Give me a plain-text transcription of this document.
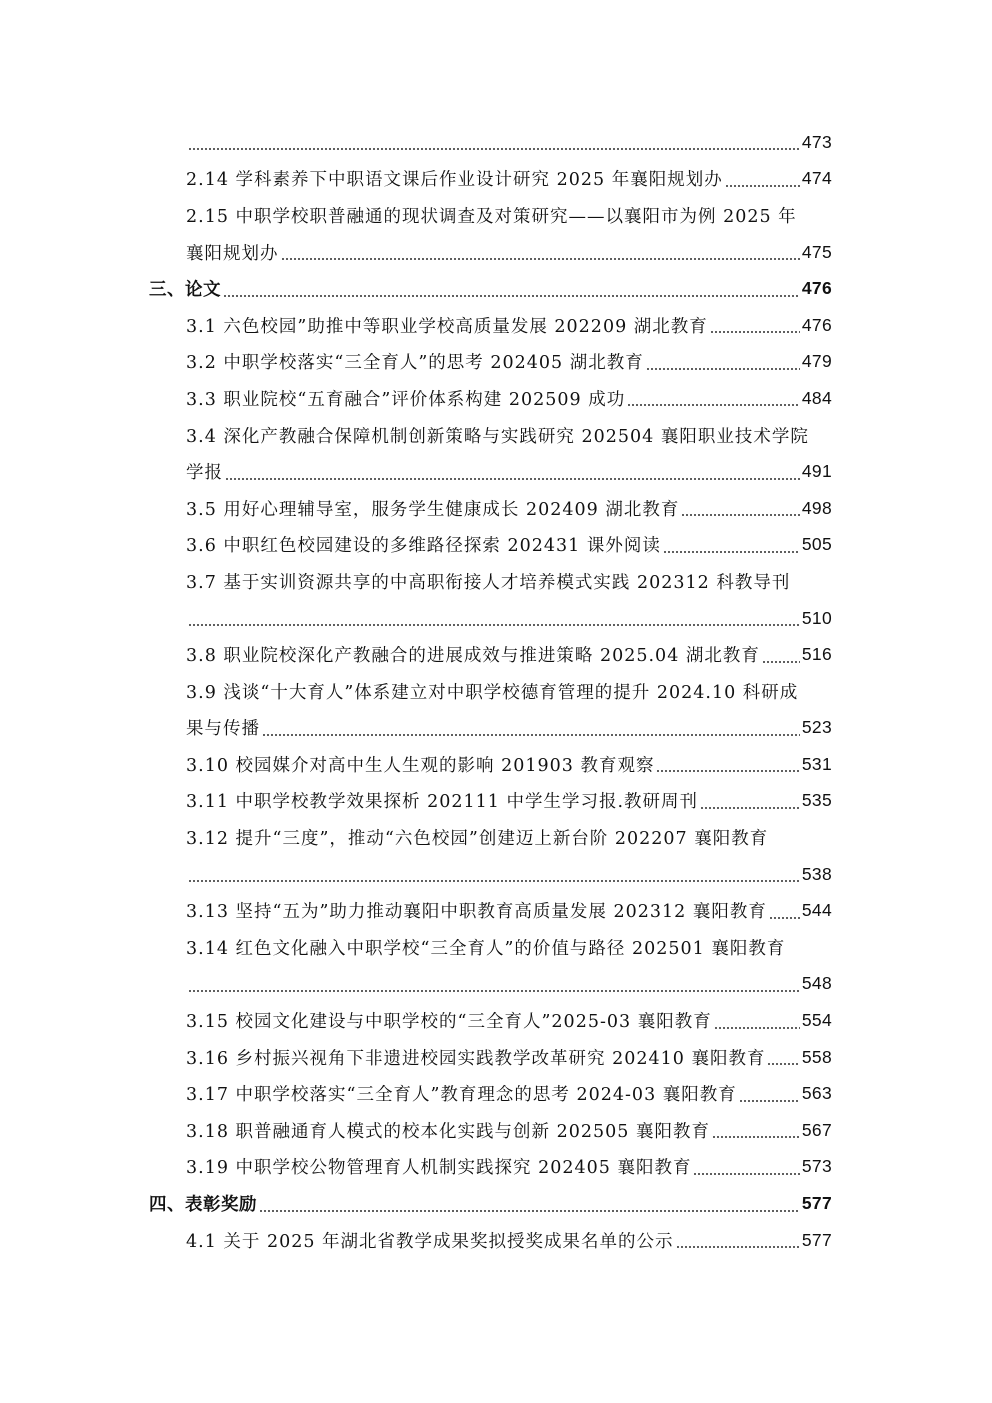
473
2.14 学科素养下中职语文课后作业设计研究 2025 年襄阳规划办	474
2.15 中职学校职普融通的现状调查及对策研究——以襄阳市为例 2025 年
襄阳规划办	475
三、论文	476
3.1 六色校园”助推中等职业学校高质量发展 202209 湖北教育	476
3.2 中职学校落实“三全育人”的思考 202405 湖北教育	479
3.3 职业院校“五育融合”评价体系构建 202509 成功	484
3.4 深化产教融合保障机制创新策略与实践研究 202504 襄阳职业技术学院
学报	491
3.5 用好心理辅导室，服务学生健康成长 202409 湖北教育	498
3.6 中职红色校园建设的多维路径探索 202431 课外阅读	505
3.7 基于实训资源共享的中高职衔接人才培养模式实践 202312 科教导刊
510
3.8 职业院校深化产教融合的进展成效与推进策略 2025.04 湖北教育 516
3.9 浅谈“十大育人”体系建立对中职学校德育管理的提升 2024.10 科研成
果与传播	523
3.10 校园媒介对高中生人生观的影响 201903 教育观察	531
3.11 中职学校教学效果探析 202111 中学生学习报.教研周刊	535
3.12 提升“三度”，推动“六色校园”创建迈上新台阶 202207 襄阳教育
538
3.13 坚持“五为”助力推动襄阳中职教育高质量发展 202312 襄阳教育 544
3.14 红色文化融入中职学校“三全育人”的价值与路径 202501 襄阳教育
548
3.15 校园文化建设与中职学校的“三全育人”2025-03 襄阳教育	554
3.16 乡村振兴视角下非遗进校园实践教学改革研究 202410 襄阳教育 558
3.17 中职学校落实“三全育人”教育理念的思考 2024-03 襄阳教育	563
3.18 职普融通育人模式的校本化实践与创新 202505 襄阳教育	567
3.19 中职学校公物管理育人机制实践探究 202405 襄阳教育	573
四、表彰奖励	577
4.1 关于 2025 年湖北省教学成果奖拟授奖成果名单的公示	577
